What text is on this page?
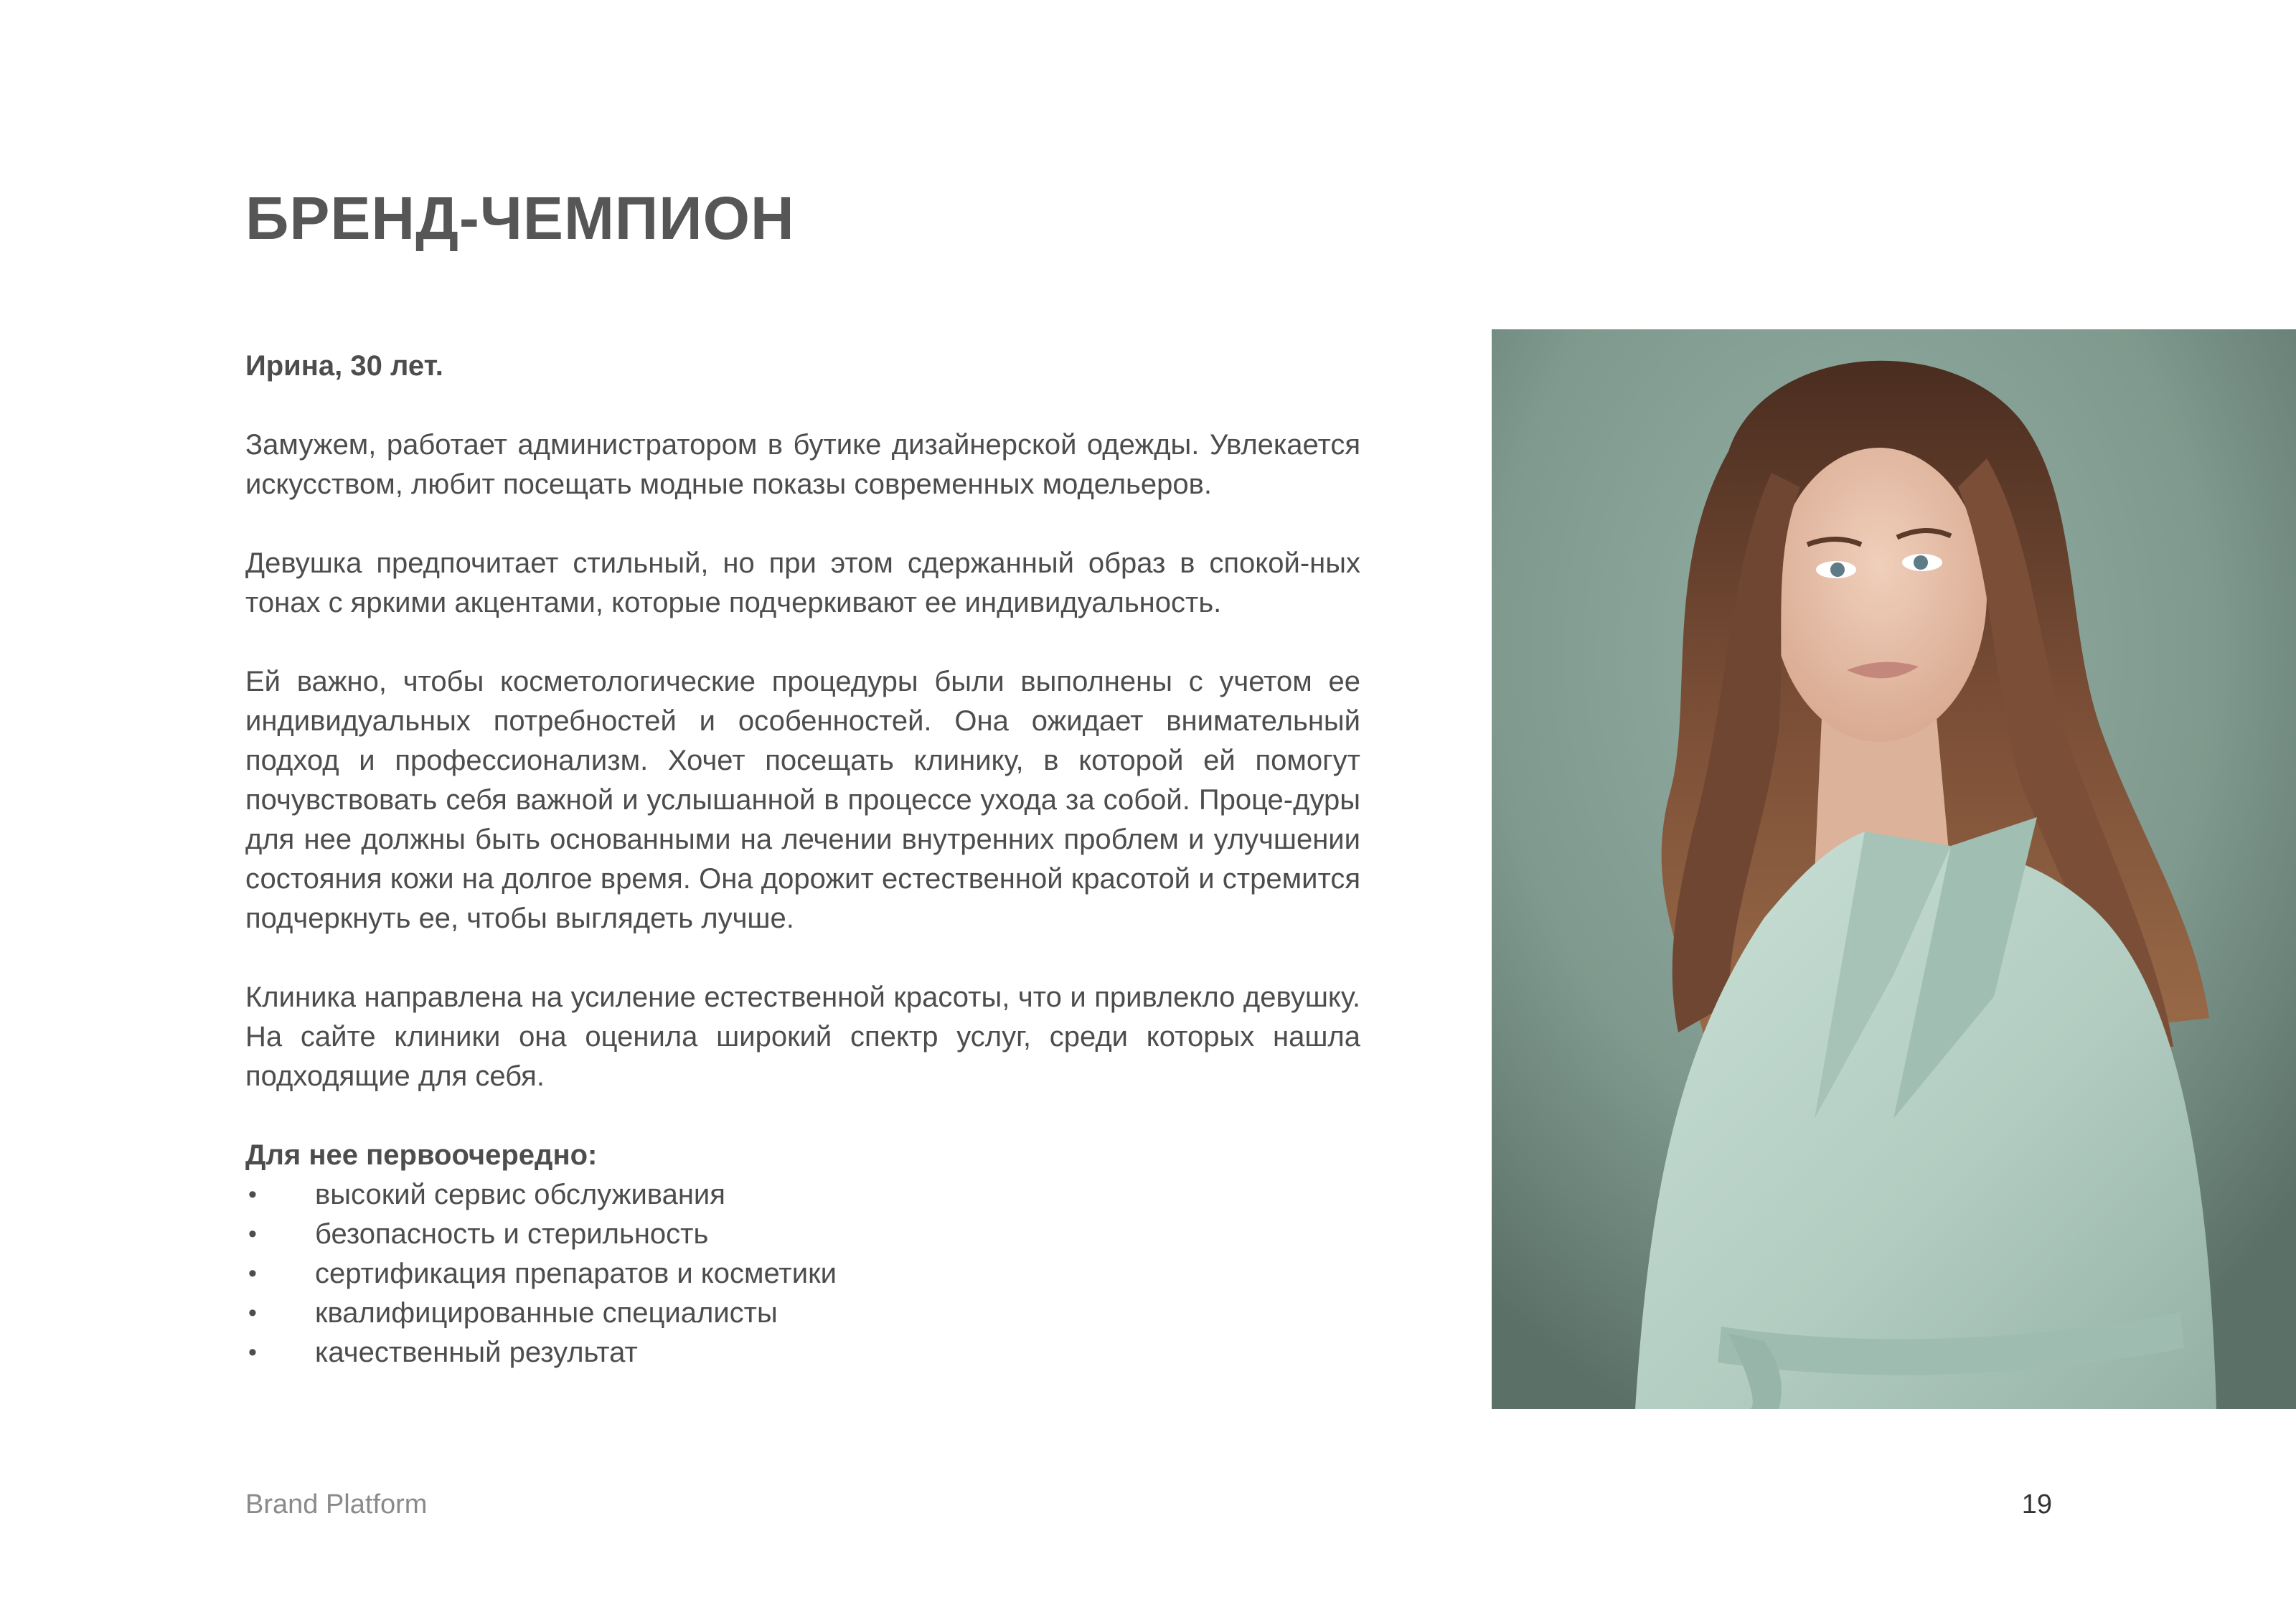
БРЕНД-ЧЕМПИОН

Ирина, 30 лет.

Замужем, работает администратором в бутике дизайнерской одежды. Увлекается искусством, любит посещать модные показы современных модельеров.

Девушка предпочитает стильный, но при этом сдержанный образ в спокой-ных тонах с яркими акцентами, которые подчеркивают ее индивидуальность.

Ей важно, чтобы косметологические процедуры были выполнены с учетом ее индивидуальных потребностей и особенностей. Она ожидает внимательный подход и профессионализм. Хочет посещать клинику, в которой ей помогут почувствовать себя важной и услышанной в процессе ухода за собой. Проце-дуры для нее должны быть основанными на лечении внутренних проблем и улучшении состояния кожи на долгое время. Она дорожит естественной красотой и стремится подчеркнуть ее, чтобы выглядеть лучше.

Клиника направлена на усиление естественной красоты, что и привлекло девушку. На сайте клиники она оценила широкий спектр услуг, среди которых нашла подходящие для себя.

Для нее первоочередно:
• высокий сервис обслуживания
• безопасность и стерильность
• сертификация препаратов и косметики
• квалифицированные специалисты
• качественный результат
Brand Platform	19
